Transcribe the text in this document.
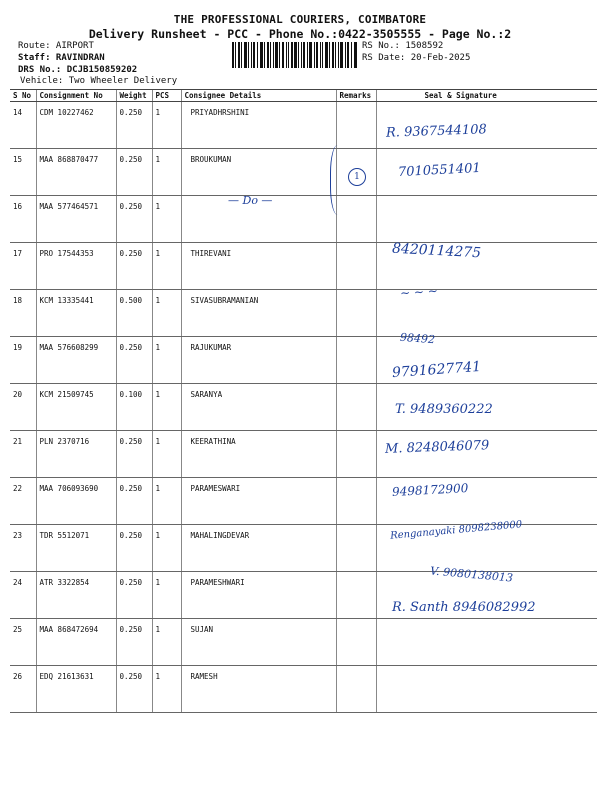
THE PROFESSIONAL COURIERS, COIMBATORE
Delivery Runsheet - PCC - Phone No.:0422-3505555 - Page No.:2
Route: AIRPORT
Staff: RAVINDRAN
DRS No.: DCJB150859202
Vehicle: Two Wheeler Delivery
RS No.: 1508592
RS Date: 20-Feb-2025
S No	Consignment No	Weight	PCS	Consignee Details	Remarks	Seal & Signature
14	CDM 10227462	0.250	1	PRIYADHRSHINI		
15	MAA 868870477	0.250	1	BROUKUMAN		
16	MAA 577464571	0.250	1			
17	PRO 17544353	0.250	1	THIREVANI		
18	KCM 13335441	0.500	1	SIVASUBRAMANIAN		
19	MAA 576608299	0.250	1	RAJUKUMAR		
20	KCM 21509745	0.100	1	SARANYA		
21	PLN 2370716	0.250	1	KEERATHINA		
22	MAA 706093690	0.250	1	PARAMESWARI		
23	TDR 5512071	0.250	1	MAHALINGDEVAR		
24	ATR 3322854	0.250	1	PARAMESHWARI		
25	MAA 868472694	0.250	1	SUJAN		
26	EDQ 21613631	0.250	1	RAMESH		
— Do —
1
R. 9367544108
7010551401
8420114275
~ ~ ~
98492
9791627741
T. 9489360222
M. 8248046079
9498172900
Renganayaki 8098238000
V. 9080138013
R. Santh 8946082992
